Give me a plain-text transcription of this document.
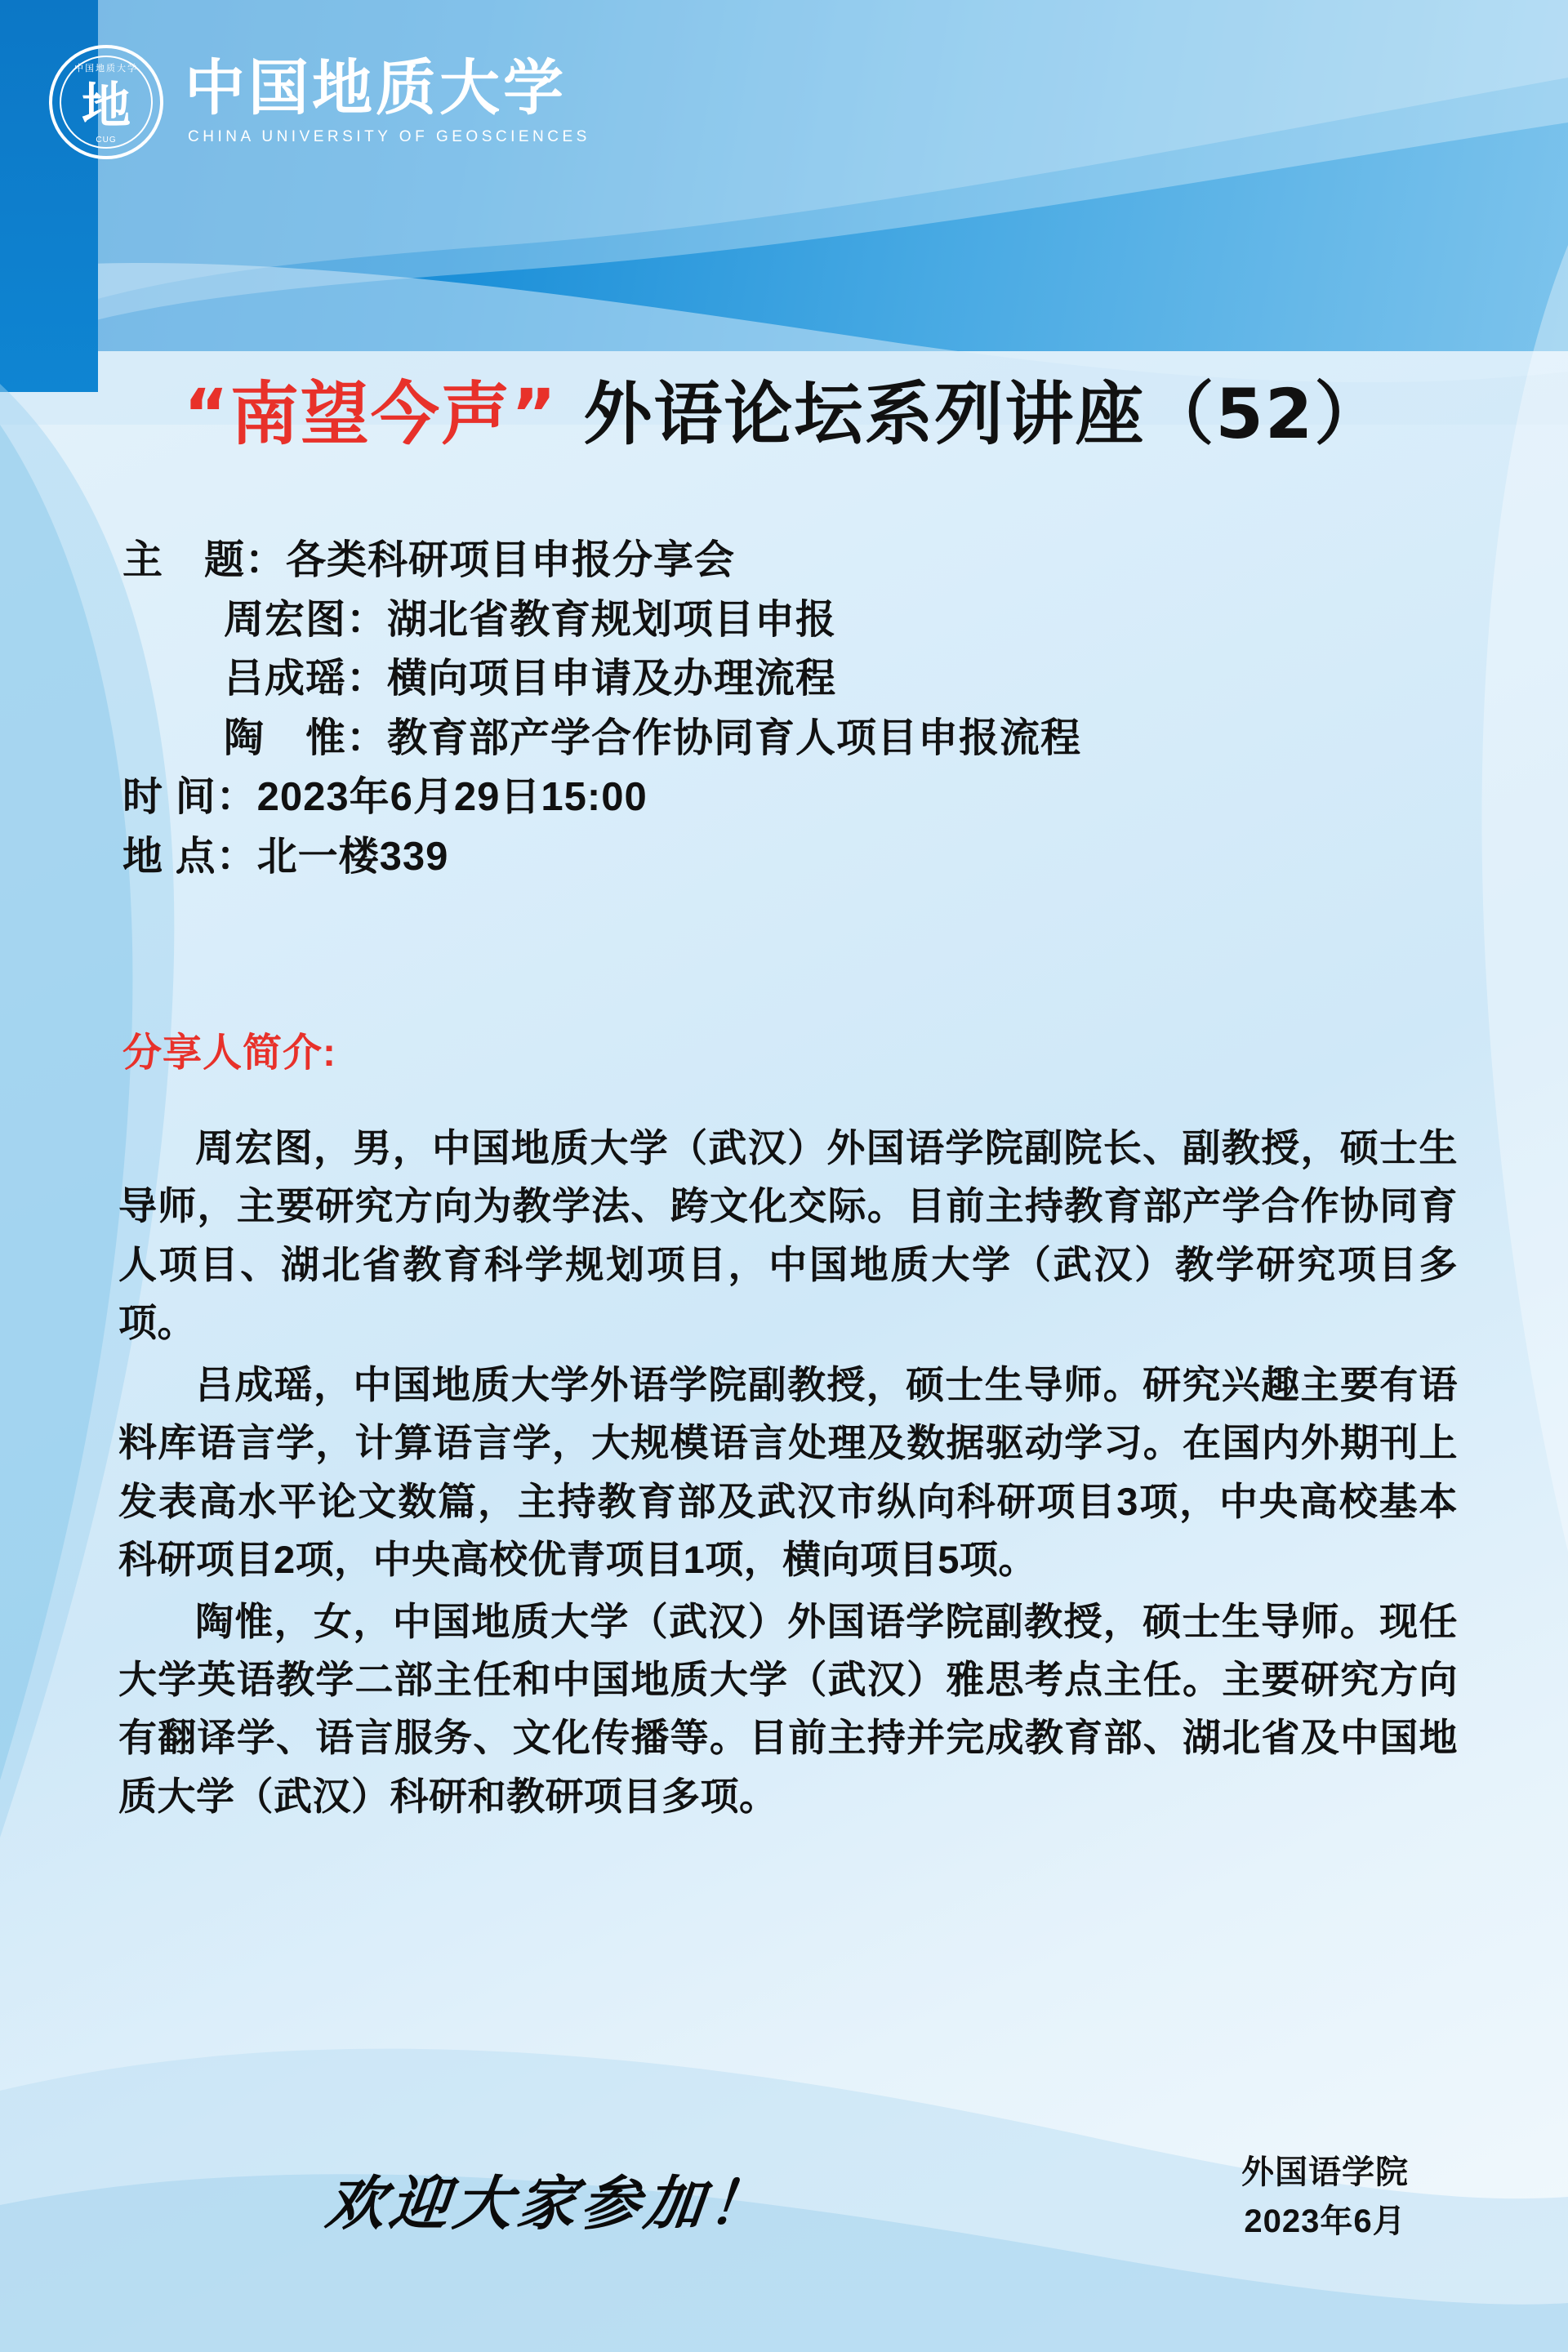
中国地质大学
地
CUG
中国地质大学
CHINA UNIVERSITY OF GEOSCIENCES
“南望今声” 外语论坛系列讲座（52）
主　题：各类科研项目申报分享会
周宏图：湖北省教育规划项目申报
吕成瑶：横向项目申请及办理流程
陶　惟：教育部产学合作协同育人项目申报流程
时 间：2023年6月29日15:00
地 点：北一楼339
分享人简介:

周宏图，男，中国地质大学（武汉）外国语学院副院长、副教授，硕士生导师，主要研究方向为教学法、跨文化交际。目前主持教育部产学合作协同育人项目、湖北省教育科学规划项目，中国地质大学（武汉）教学研究项目多项。

吕成瑶，中国地质大学外语学院副教授，硕士生导师。研究兴趣主要有语料库语言学，计算语言学，大规模语言处理及数据驱动学习。在国内外期刊上发表高水平论文数篇，主持教育部及武汉市纵向科研项目3项，中央高校基本科研项目2项，中央高校优青项目1项，横向项目5项。

陶惟，女，中国地质大学（武汉）外国语学院副教授，硕士生导师。现任大学英语教学二部主任和中国地质大学（武汉）雅思考点主任。主要研究方向有翻译学、语言服务、文化传播等。目前主持并完成教育部、湖北省及中国地质大学（武汉）科研和教研项目多项。

欢迎大家参加！	外国语学院
2023年6月
